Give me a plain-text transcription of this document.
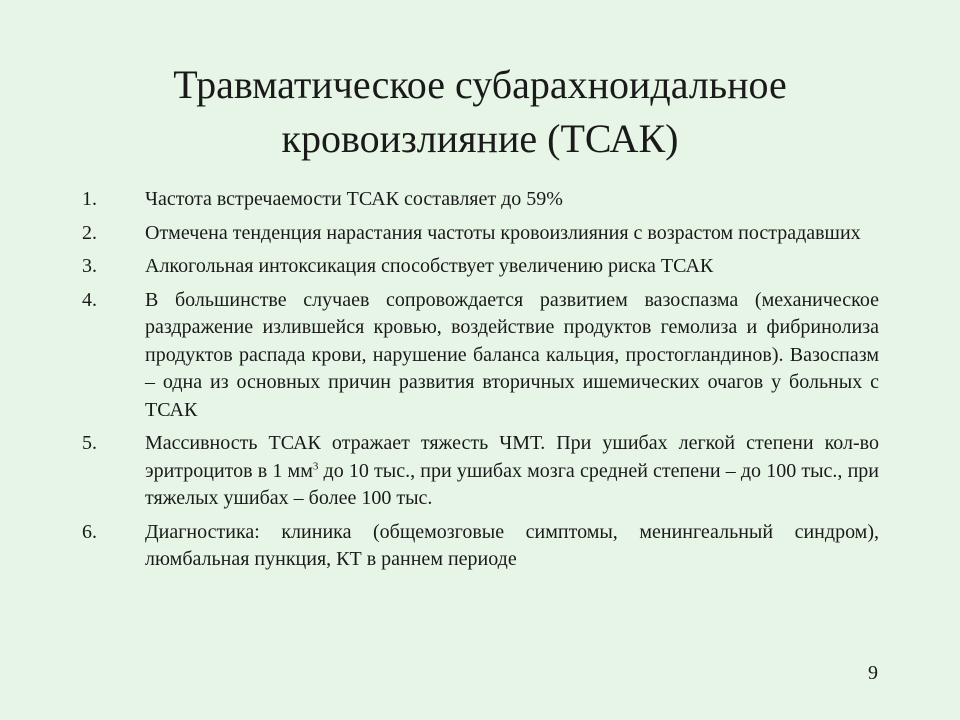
Травматическое субарахноидальное
кровоизлияние (ТСАК)
1.	Частота встречаемости ТСАК составляет до 59%
2.	Отмечена тенденция нарастания частоты кровоизлияния с возрастом пострадавших
3.	Алкогольная интоксикация способствует увеличению риска ТСАК
4.	В большинстве случаев сопровождается развитием вазоспазма (механическое раздражение излившейся кровью, воздействие продуктов гемолиза и фибринолиза продуктов распада крови, нарушение баланса кальция, простогландинов). Вазоспазм – одна из основных причин развития вторичных ишемических очагов у больных с ТСАК
5.	Массивность ТСАК отражает тяжесть ЧМТ. При ушибах легкой степени кол-во эритроцитов в 1 $мм^3$ до 10 тыс., при ушибах мозга средней степени – до 100 тыс., при тяжелых ушибах – более 100 тыс.
6.	Диагностика: клиника (общемозговые симптомы, менингеальный синдром), люмбальная пункция, КТ в раннем периоде
9
